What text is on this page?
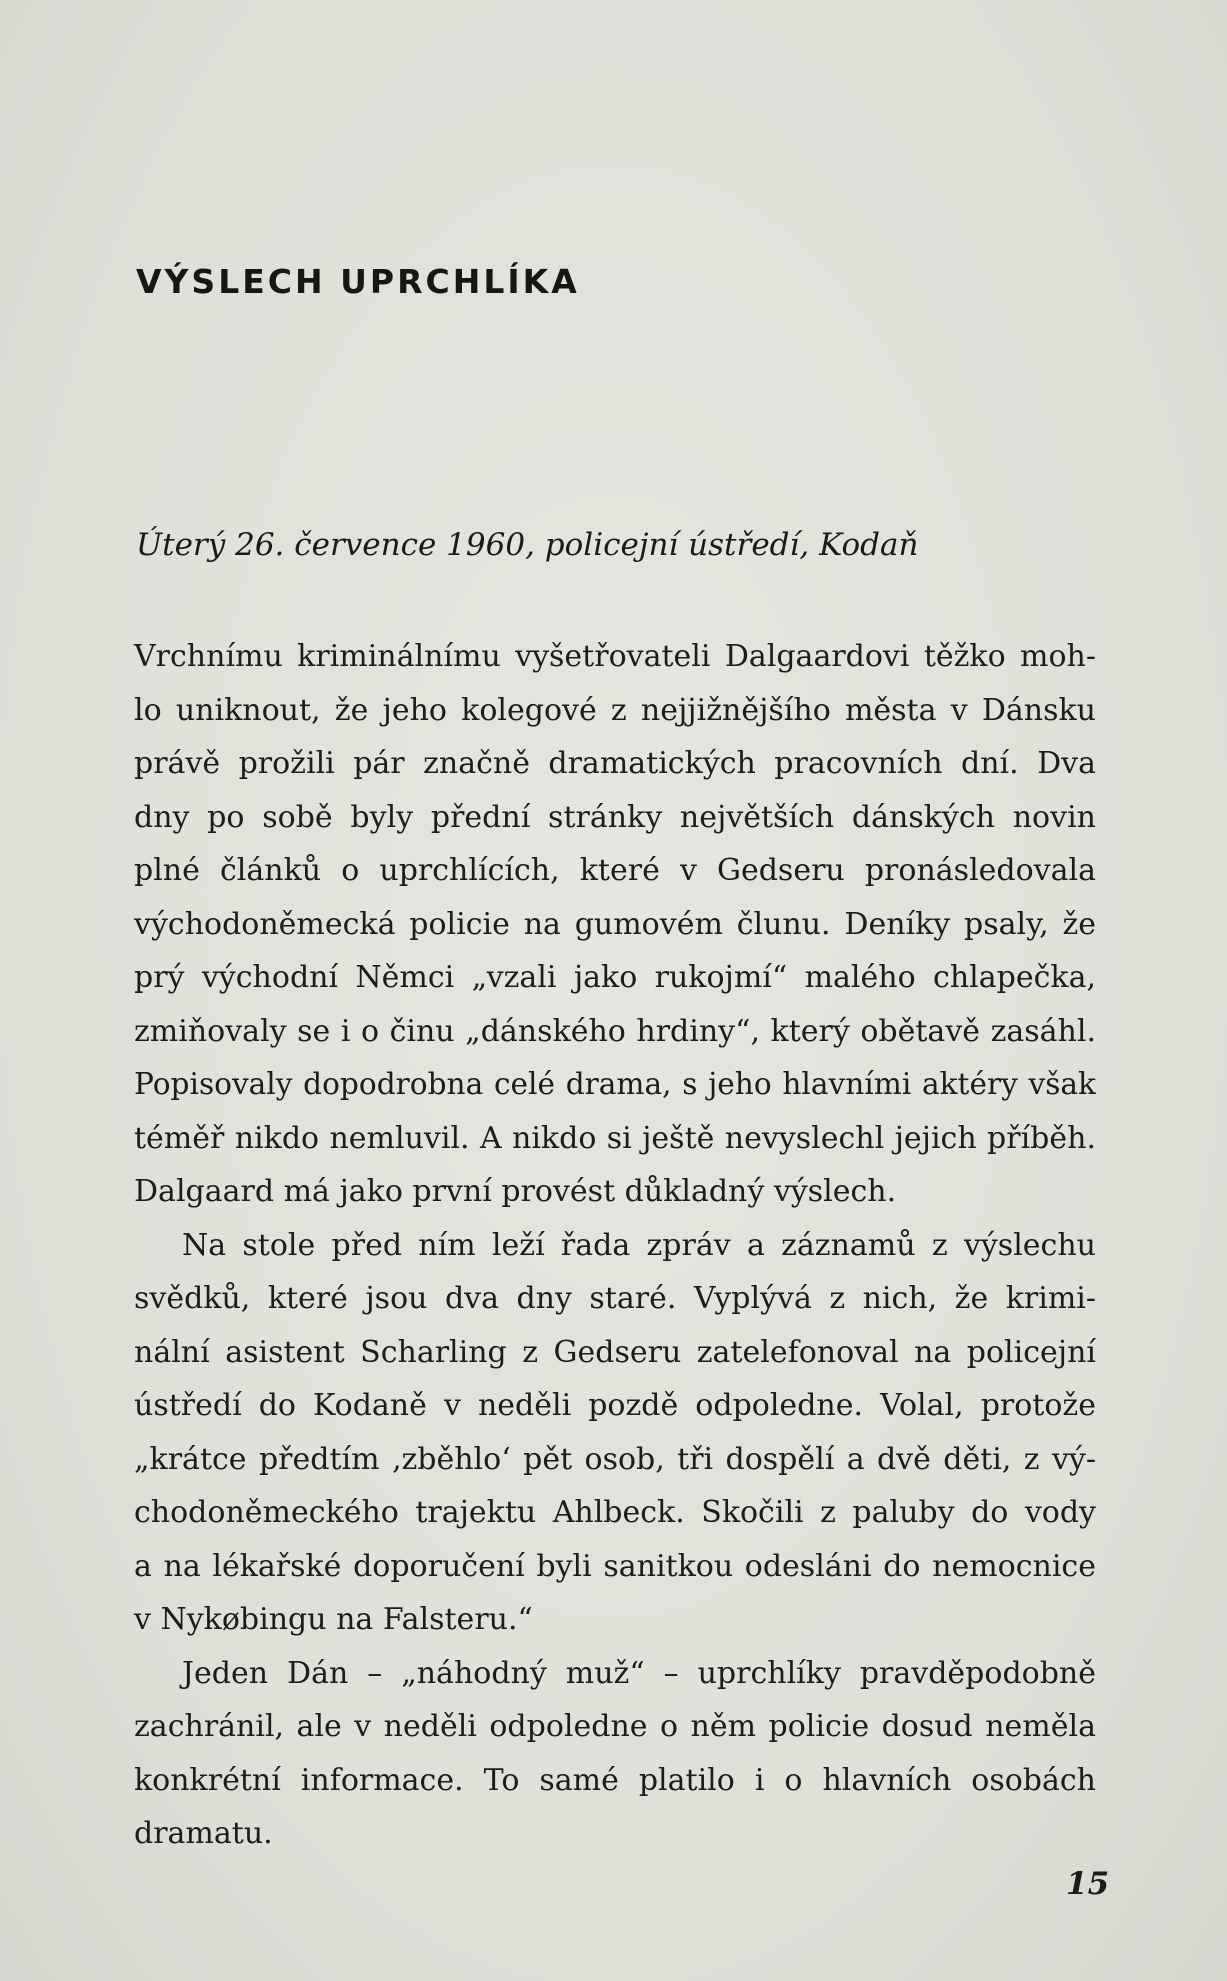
VÝSLECH UPRCHLÍKA

Úterý 26. července 1960, policejní ústředí, Kodaň

Vrchnímu kriminálnímu vyšetřovateli Dalgaardovi těžko moh-
lo uniknout, že jeho kolegové z nejjižnějšího města v Dánsku
právě prožili pár značně dramatických pracovních dní. Dva
dny po sobě byly přední stránky největších dánských novin
plné článků o uprchlících, které v Gedseru pronásledovala
východoněmecká policie na gumovém člunu. Deníky psaly, že
prý východní Němci „vzali jako rukojmí“ malého chlapečka,
zmiňovaly se i o činu „dánského hrdiny“, který obětavě zasáhl.
Popisovaly dopodrobna celé drama, s jeho hlavními aktéry však
téměř nikdo nemluvil. A nikdo si ještě nevyslechl jejich příběh.
Dalgaard má jako první provést důkladný výslech.
Na stole před ním leží řada zpráv a záznamů z výslechu
svědků, které jsou dva dny staré. Vyplývá z nich, že krimi-
nální asistent Scharling z Gedseru zatelefonoval na policejní
ústředí do Kodaně v neděli pozdě odpoledne. Volal, protože
„krátce předtím ‚zběhlo‘ pět osob, tři dospělí a dvě děti, z vý-
chodoněmeckého trajektu Ahlbeck. Skočili z paluby do vody
a na lékařské doporučení byli sanitkou odesláni do nemocnice
v Nykøbingu na Falsteru.“
Jeden Dán – „náhodný muž“ – uprchlíky pravděpodobně
zachránil, ale v neděli odpoledne o něm policie dosud neměla
konkrétní informace. To samé platilo i o hlavních osobách
dramatu.

15
